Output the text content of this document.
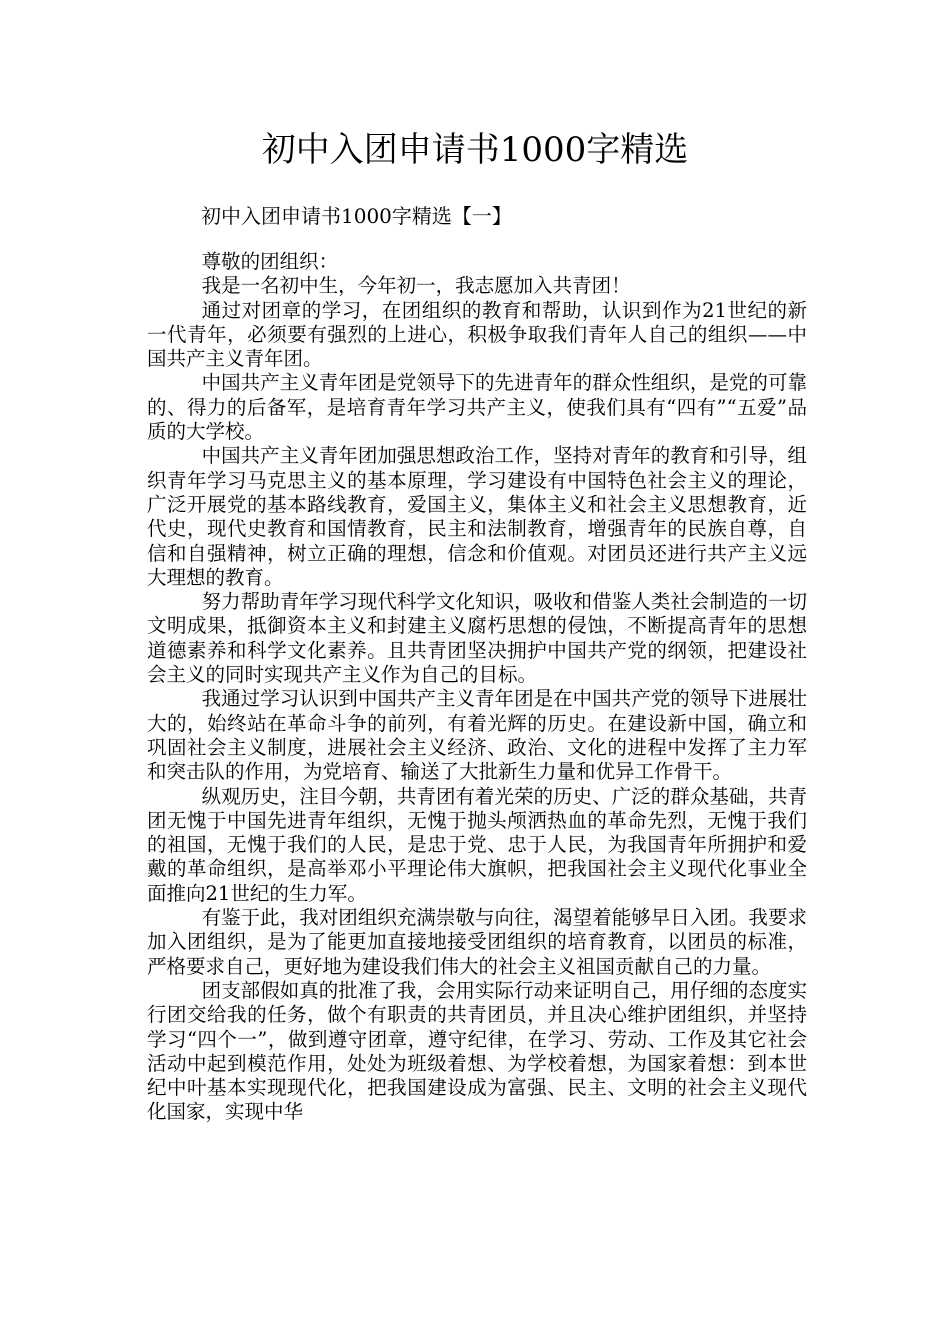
初中入团申请书1000字精选

初中入团申请书1000字精选【一】

尊敬的团组织：

我是一名初中生，今年初一，我志愿加入共青团！

通过对团章的学习，在团组织的教育和帮助，认识到作为21世纪的新一代青年，必须要有强烈的上进心，积极争取我们青年人自己的组织——中国共产主义青年团。

中国共产主义青年团是党领导下的先进青年的群众性组织，是党的可靠的、得力的后备军，是培育青年学习共产主义，使我们具有“四有”“五爱”品质的大学校。

中国共产主义青年团加强思想政治工作，坚持对青年的教育和引导，组织青年学习马克思主义的基本原理，学习建设有中国特色社会主义的理论，广泛开展党的基本路线教育，爱国主义，集体主义和社会主义思想教育，近代史，现代史教育和国情教育，民主和法制教育，增强青年的民族自尊，自信和自强精神，树立正确的理想，信念和价值观。对团员还进行共产主义远大理想的教育。

努力帮助青年学习现代科学文化知识，吸收和借鉴人类社会制造的一切文明成果，抵御资本主义和封建主义腐朽思想的侵蚀，不断提高青年的思想道德素养和科学文化素养。且共青团坚决拥护中国共产党的纲领，把建设社会主义的同时实现共产主义作为自己的目标。

我通过学习认识到中国共产主义青年团是在中国共产党的领导下进展壮大的，始终站在革命斗争的前列，有着光辉的历史。在建设新中国，确立和巩固社会主义制度，进展社会主义经济、政治、文化的进程中发挥了主力军和突击队的作用，为党培育、输送了大批新生力量和优异工作骨干。

纵观历史，注目今朝，共青团有着光荣的历史、广泛的群众基础，共青团无愧于中国先进青年组织，无愧于抛头颅洒热血的革命先烈，无愧于我们的祖国，无愧于我们的人民，是忠于党、忠于人民，为我国青年所拥护和爱戴的革命组织，是高举邓小平理论伟大旗帜，把我国社会主义现代化事业全面推向21世纪的生力军。

有鉴于此，我对团组织充满崇敬与向往，渴望着能够早日入团。我要求加入团组织，是为了能更加直接地接受团组织的培育教育，以团员的标准，严格要求自己，更好地为建设我们伟大的社会主义祖国贡献自己的力量。

团支部假如真的批准了我，会用实际行动来证明自己，用仔细的态度实行团交给我的任务，做个有职责的共青团员，并且决心维护团组织，并坚持学习“四个一”，做到遵守团章，遵守纪律，在学习、劳动、工作及其它社会活动中起到模范作用，处处为班级着想、为学校着想，为国家着想：到本世纪中叶基本实现现代化，把我国建设成为富强、民主、文明的社会主义现代化国家，实现中华
